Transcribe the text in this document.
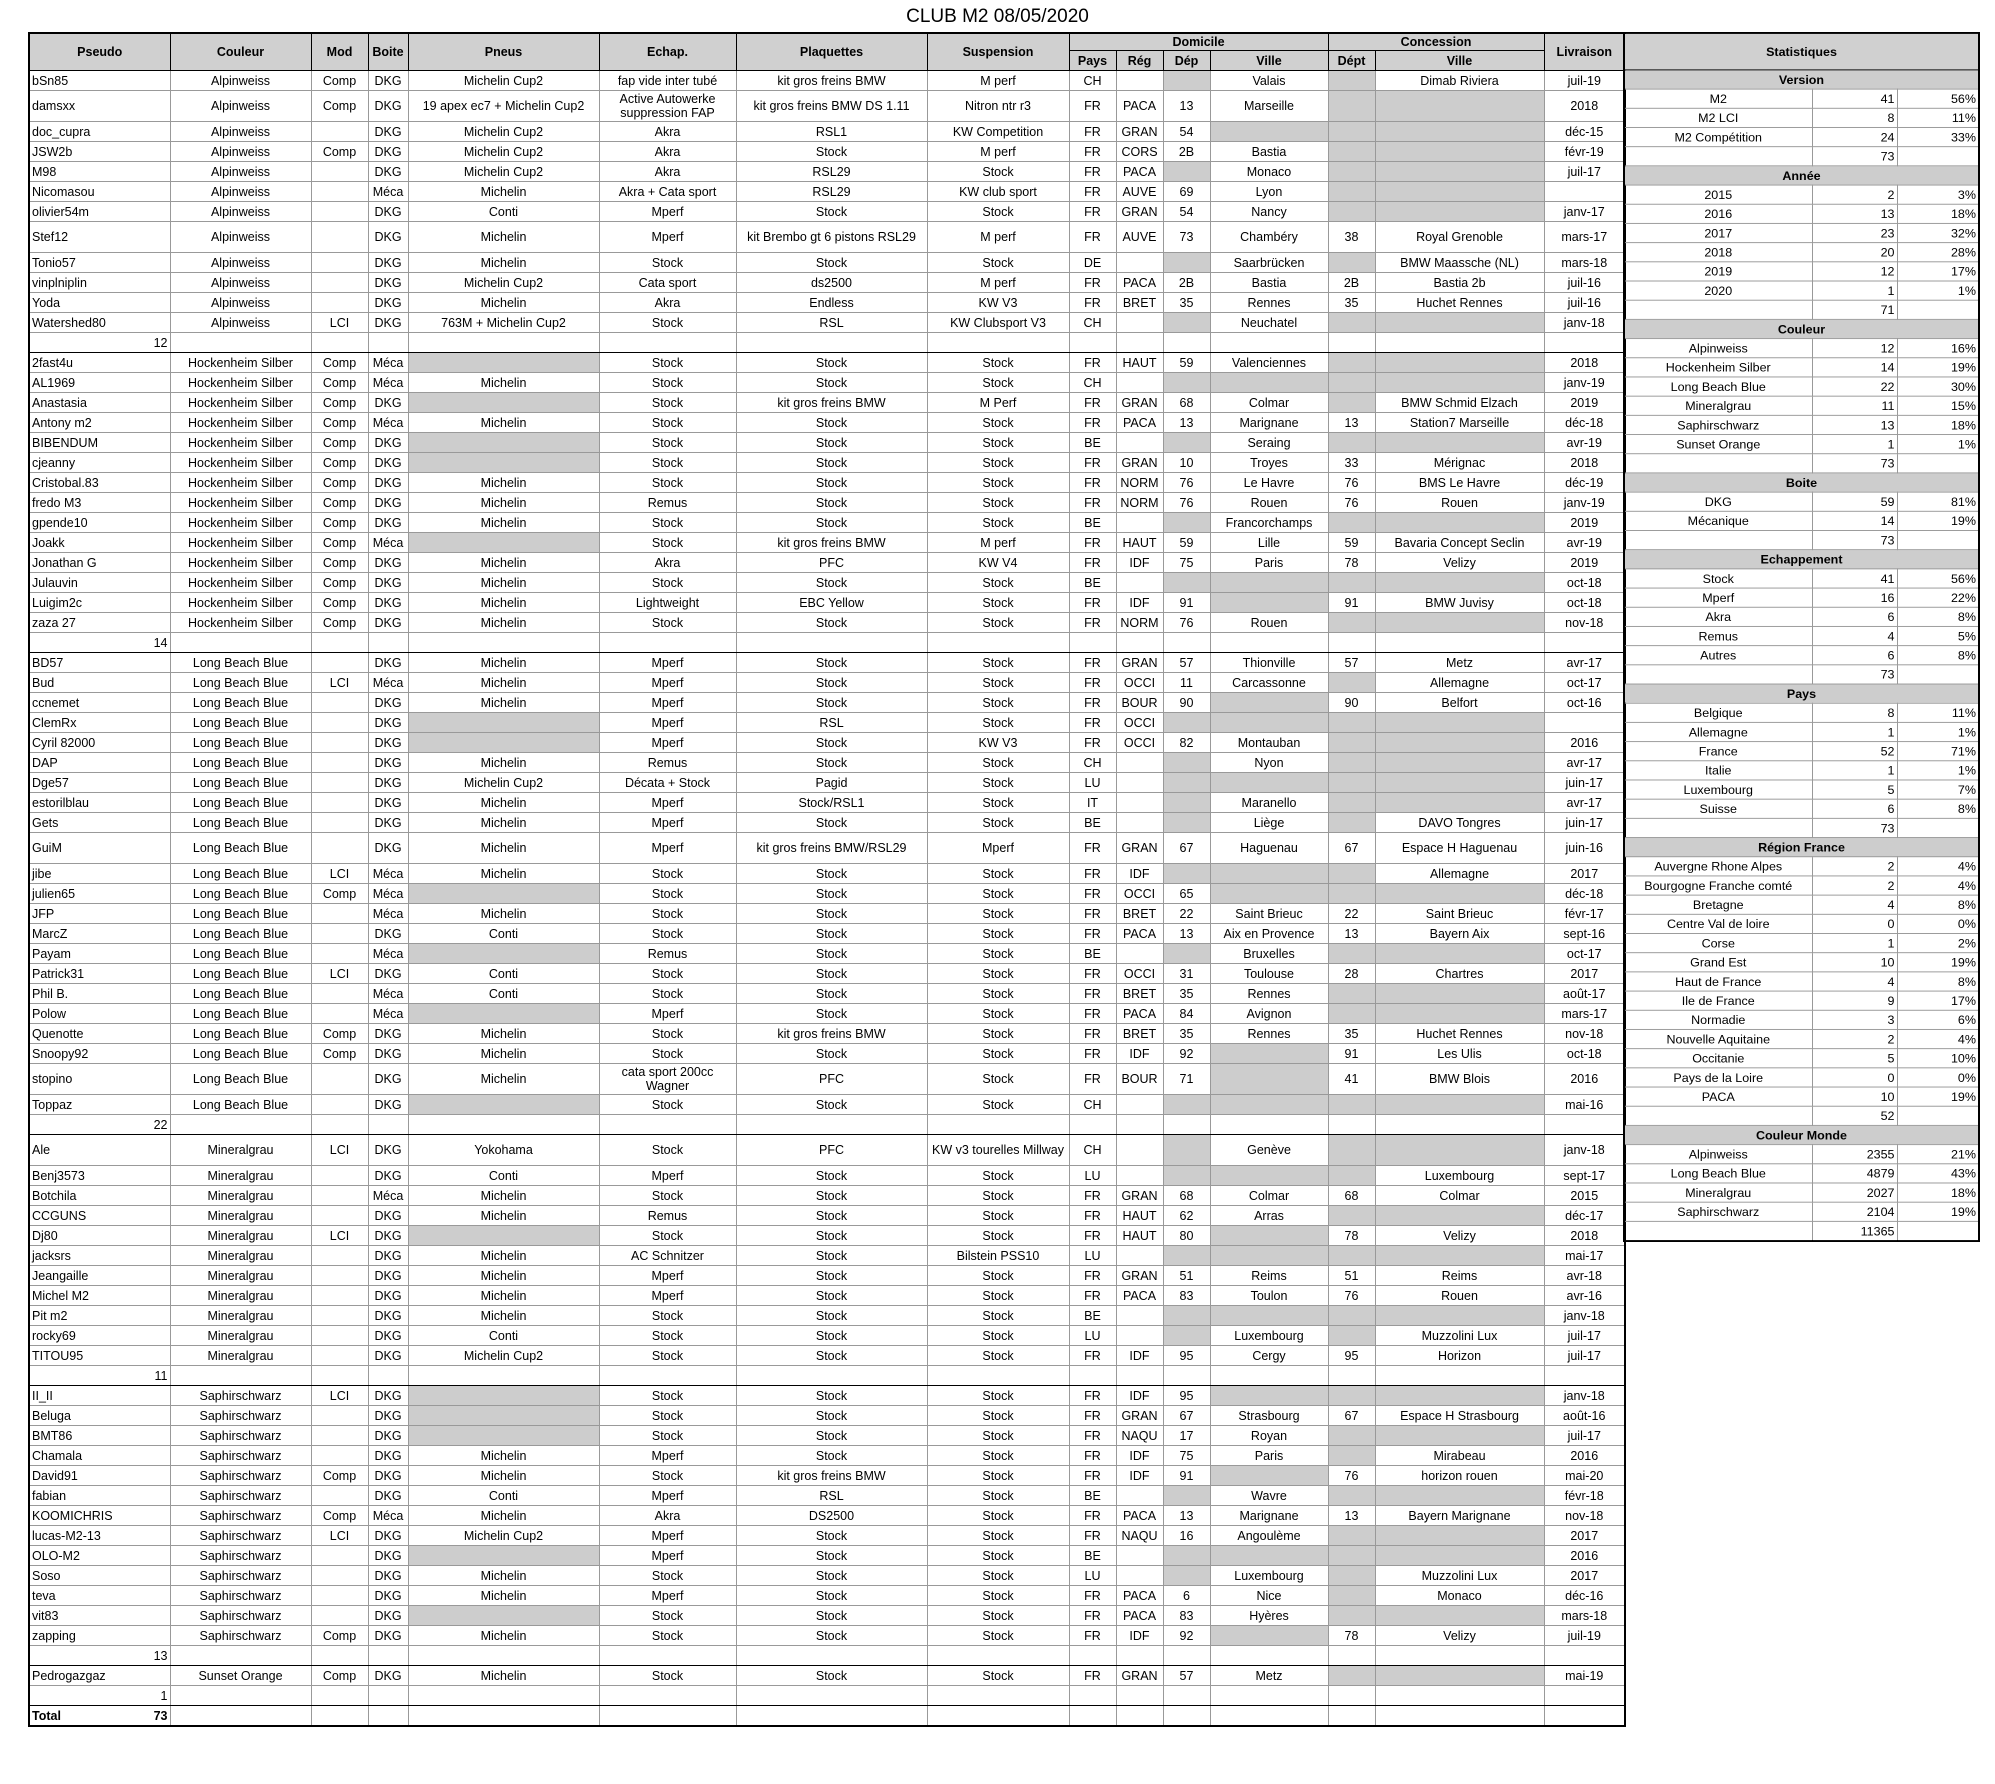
CLUB M2 08/05/2020
Pseudo	Couleur	Mod	Boite	Pneus	Echap.	Plaquettes	Suspension	Domicile				Concession		Livraison
								Pays	Rég	Dép	Ville	Dépt	Ville	
bSn85	Alpinweiss	Comp	DKG	Michelin Cup2	fap vide inter tubé	kit gros freins BMW	M perf	CH			Valais		Dimab Riviera	juil-19
damsxx	Alpinweiss	Comp	DKG	19 apex ec7 + Michelin Cup2	Active Autowerke suppression FAP	kit gros freins BMW DS 1.11	Nitron ntr r3	FR	PACA	13	Marseille			2018
doc_cupra	Alpinweiss		DKG	Michelin Cup2	Akra	RSL1	KW Competition	FR	GRAN	54				déc-15
JSW2b	Alpinweiss	Comp	DKG	Michelin Cup2	Akra	Stock	M perf	FR	CORS	2B	Bastia			févr-19
M98	Alpinweiss		DKG	Michelin Cup2	Akra	RSL29	Stock	FR	PACA		Monaco			juil-17
Nicomasou	Alpinweiss		Méca	Michelin	Akra + Cata sport	RSL29	KW club sport	FR	AUVE	69	Lyon			
olivier54m	Alpinweiss		DKG	Conti	Mperf	Stock	Stock	FR	GRAN	54	Nancy			janv-17
Stef12	Alpinweiss		DKG	Michelin	Mperf	kit Brembo gt 6 pistons RSL29	M perf	FR	AUVE	73	Chambéry	38	Royal Grenoble	mars-17
Tonio57	Alpinweiss		DKG	Michelin	Stock	Stock	Stock	DE			Saarbrücken		BMW Maassche (NL)	mars-18
vinplniplin	Alpinweiss		DKG	Michelin Cup2	Cata sport	ds2500	M perf	FR	PACA	2B	Bastia	2B	Bastia 2b	juil-16
Yoda	Alpinweiss		DKG	Michelin	Akra	Endless	KW V3	FR	BRET	35	Rennes	35	Huchet Rennes	juil-16
Watershed80	Alpinweiss	LCI	DKG	763M + Michelin Cup2	Stock	RSL	KW Clubsport V3	CH			Neuchatel			janv-18
12														
2fast4u	Hockenheim Silber	Comp	Méca		Stock	Stock	Stock	FR	HAUT	59	Valenciennes			2018
AL1969	Hockenheim Silber	Comp	Méca	Michelin	Stock	Stock	Stock	CH						janv-19
Anastasia	Hockenheim Silber	Comp	DKG		Stock	kit gros freins BMW	M Perf	FR	GRAN	68	Colmar		BMW Schmid Elzach	2019
Antony m2	Hockenheim Silber	Comp	Méca	Michelin	Stock	Stock	Stock	FR	PACA	13	Marignane	13	Station7 Marseille	déc-18
BIBENDUM	Hockenheim Silber	Comp	DKG		Stock	Stock	Stock	BE			Seraing			avr-19
cjeanny	Hockenheim Silber	Comp	DKG		Stock	Stock	Stock	FR	GRAN	10	Troyes	33	Mérignac	2018
Cristobal.83	Hockenheim Silber	Comp	DKG	Michelin	Stock	Stock	Stock	FR	NORM	76	Le Havre	76	BMS Le Havre	déc-19
fredo M3	Hockenheim Silber	Comp	DKG	Michelin	Remus	Stock	Stock	FR	NORM	76	Rouen	76	Rouen	janv-19
gpende10	Hockenheim Silber	Comp	DKG	Michelin	Stock	Stock	Stock	BE			Francorchamps			2019
Joakk	Hockenheim Silber	Comp	Méca		Stock	kit gros freins BMW	M perf	FR	HAUT	59	Lille	59	Bavaria Concept Seclin	avr-19
Jonathan G	Hockenheim Silber	Comp	DKG	Michelin	Akra	PFC	KW V4	FR	IDF	75	Paris	78	Velizy	2019
Julauvin	Hockenheim Silber	Comp	DKG	Michelin	Stock	Stock	Stock	BE						oct-18
Luigim2c	Hockenheim Silber	Comp	DKG	Michelin	Lightweight	EBC Yellow	Stock	FR	IDF	91		91	BMW Juvisy	oct-18
zaza 27	Hockenheim Silber	Comp	DKG	Michelin	Stock	Stock	Stock	FR	NORM	76	Rouen			nov-18
14														
BD57	Long Beach Blue		DKG	Michelin	Mperf	Stock	Stock	FR	GRAN	57	Thionville	57	Metz	avr-17
Bud	Long Beach Blue	LCI	Méca	Michelin	Mperf	Stock	Stock	FR	OCCI	11	Carcassonne		Allemagne	oct-17
ccnemet	Long Beach Blue		DKG	Michelin	Mperf	Stock	Stock	FR	BOUR	90		90	Belfort	oct-16
ClemRx	Long Beach Blue		DKG		Mperf	RSL	Stock	FR	OCCI					
Cyril 82000	Long Beach Blue		DKG		Mperf	Stock	KW V3	FR	OCCI	82	Montauban			2016
DAP	Long Beach Blue		DKG	Michelin	Remus	Stock	Stock	CH			Nyon			avr-17
Dge57	Long Beach Blue		DKG	Michelin Cup2	Décata + Stock	Pagid	Stock	LU						juin-17
estorilblau	Long Beach Blue		DKG	Michelin	Mperf	Stock/RSL1	Stock	IT			Maranello			avr-17
Gets	Long Beach Blue		DKG	Michelin	Mperf	Stock	Stock	BE			Liège		DAVO Tongres	juin-17
GuiM	Long Beach Blue		DKG	Michelin	Mperf	kit gros freins BMW/RSL29	Mperf	FR	GRAN	67	Haguenau	67	Espace H Haguenau	juin-16
jibe	Long Beach Blue	LCI	Méca	Michelin	Stock	Stock	Stock	FR	IDF				Allemagne	2017
julien65	Long Beach Blue	Comp	Méca		Stock	Stock	Stock	FR	OCCI	65				déc-18
JFP	Long Beach Blue		Méca	Michelin	Stock	Stock	Stock	FR	BRET	22	Saint Brieuc	22	Saint Brieuc	févr-17
MarcZ	Long Beach Blue		DKG	Conti	Stock	Stock	Stock	FR	PACA	13	Aix en Provence	13	Bayern Aix	sept-16
Payam	Long Beach Blue		Méca		Remus	Stock	Stock	BE			Bruxelles			oct-17
Patrick31	Long Beach Blue	LCI	DKG	Conti	Stock	Stock	Stock	FR	OCCI	31	Toulouse	28	Chartres	2017
Phil B.	Long Beach Blue		Méca	Conti	Stock	Stock	Stock	FR	BRET	35	Rennes			août-17
Polow	Long Beach Blue		Méca		Mperf	Stock	Stock	FR	PACA	84	Avignon			mars-17
Quenotte	Long Beach Blue	Comp	DKG	Michelin	Stock	kit gros freins BMW	Stock	FR	BRET	35	Rennes	35	Huchet Rennes	nov-18
Snoopy92	Long Beach Blue	Comp	DKG	Michelin	Stock	Stock	Stock	FR	IDF	92		91	Les Ulis	oct-18
stopino	Long Beach Blue		DKG	Michelin	cata sport 200cc Wagner	PFC	Stock	FR	BOUR	71		41	BMW Blois	2016
Toppaz	Long Beach Blue		DKG		Stock	Stock	Stock	CH						mai-16
22														
Ale	Mineralgrau	LCI	DKG	Yokohama	Stock	PFC	KW v3 tourelles Millway	CH			Genève			janv-18
Benj3573	Mineralgrau		DKG	Conti	Mperf	Stock	Stock	LU					Luxembourg	sept-17
Botchila	Mineralgrau		Méca	Michelin	Stock	Stock	Stock	FR	GRAN	68	Colmar	68	Colmar	2015
CCGUNS	Mineralgrau		DKG	Michelin	Remus	Stock	Stock	FR	HAUT	62	Arras			déc-17
Dj80	Mineralgrau	LCI	DKG		Stock	Stock	Stock	FR	HAUT	80		78	Velizy	2018
jacksrs	Mineralgrau		DKG	Michelin	AC Schnitzer	Stock	Bilstein PSS10	LU						mai-17
Jeangaille	Mineralgrau		DKG	Michelin	Mperf	Stock	Stock	FR	GRAN	51	Reims	51	Reims	avr-18
Michel M2	Mineralgrau		DKG	Michelin	Mperf	Stock	Stock	FR	PACA	83	Toulon	76	Rouen	avr-16
Pit m2	Mineralgrau		DKG	Michelin	Stock	Stock	Stock	BE						janv-18
rocky69	Mineralgrau		DKG	Conti	Stock	Stock	Stock	LU			Luxembourg		Muzzolini Lux	juil-17
TITOU95	Mineralgrau		DKG	Michelin Cup2	Stock	Stock	Stock	FR	IDF	95	Cergy	95	Horizon	juil-17
11														
II_II	Saphirschwarz	LCI	DKG		Stock	Stock	Stock	FR	IDF	95				janv-18
Beluga	Saphirschwarz		DKG		Stock	Stock	Stock	FR	GRAN	67	Strasbourg	67	Espace H Strasbourg	août-16
BMT86	Saphirschwarz		DKG		Stock	Stock	Stock	FR	NAQU	17	Royan			juil-17
Chamala	Saphirschwarz		DKG	Michelin	Mperf	Stock	Stock	FR	IDF	75	Paris		Mirabeau	2016
David91	Saphirschwarz	Comp	DKG	Michelin	Stock	kit gros freins BMW	Stock	FR	IDF	91		76	horizon rouen	mai-20
fabian	Saphirschwarz		DKG	Conti	Mperf	RSL	Stock	BE			Wavre			févr-18
KOOMICHRIS	Saphirschwarz	Comp	Méca	Michelin	Akra	DS2500	Stock	FR	PACA	13	Marignane	13	Bayern Marignane	nov-18
lucas-M2-13	Saphirschwarz	LCI	DKG	Michelin Cup2	Mperf	Stock	Stock	FR	NAQU	16	Angoulème			2017
OLO-M2	Saphirschwarz		DKG		Mperf	Stock	Stock	BE						2016
Soso	Saphirschwarz		DKG	Michelin	Stock	Stock	Stock	LU			Luxembourg		Muzzolini Lux	2017
teva	Saphirschwarz		DKG	Michelin	Mperf	Stock	Stock	FR	PACA	6	Nice		Monaco	déc-16
vit83	Saphirschwarz		DKG		Stock	Stock	Stock	FR	PACA	83	Hyères			mars-18
zapping	Saphirschwarz	Comp	DKG	Michelin	Stock	Stock	Stock	FR	IDF	92		78	Velizy	juil-19
13														
Pedrogazgaz	Sunset Orange	Comp	DKG	Michelin	Stock	Stock	Stock	FR	GRAN	57	Metz			mai-19
1														
Total 73														

Statistiques		
Version		
M2	41	56%
M2 LCI	8	11%
M2 Compétition	24	33%
	73	
Année		
2015	2	3%
2016	13	18%
2017	23	32%
2018	20	28%
2019	12	17%
2020	1	1%
	71	
Couleur		
Alpinweiss	12	16%
Hockenheim Silber	14	19%
Long Beach Blue	22	30%
Mineralgrau	11	15%
Saphirschwarz	13	18%
Sunset Orange	1	1%
	73	
Boite		
DKG	59	81%
Mécanique	14	19%
	73	
Echappement		
Stock	41	56%
Mperf	16	22%
Akra	6	8%
Remus	4	5%
Autres	6	8%
	73	
Pays		
Belgique	8	11%
Allemagne	1	1%
France	52	71%
Italie	1	1%
Luxembourg	5	7%
Suisse	6	8%
	73	
Région France		
Auvergne Rhone Alpes	2	4%
Bourgogne Franche comté	2	4%
Bretagne	4	8%
Centre Val de loire	0	0%
Corse	1	2%
Grand Est	10	19%
Haut de France	4	8%
Ile de France	9	17%
Normadie	3	6%
Nouvelle Aquitaine	2	4%
Occitanie	5	10%
Pays de la Loire	0	0%
PACA	10	19%
	52	
Couleur Monde		
Alpinweiss	2355	21%
Long Beach Blue	4879	43%
Mineralgrau	2027	18%
Saphirschwarz	2104	19%
	11365	
